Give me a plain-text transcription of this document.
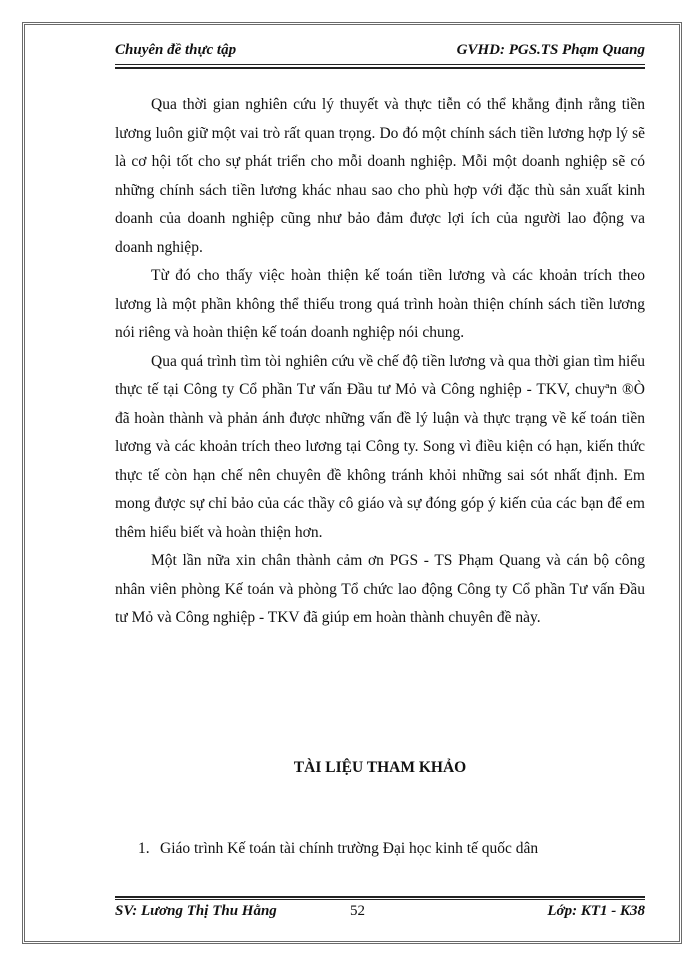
Chuyên đề thực tập	GVHD: PGS.TS Phạm Quang

Qua thời gian nghiên cứu lý thuyết và thực tiễn có thể khẳng định rằng tiền lương luôn giữ một vai trò rất quan trọng. Do đó một chính sách tiền lương hợp lý sẽ là cơ hội tốt cho sự phát triển cho mỗi doanh nghiệp. Mỗi một doanh nghiệp sẽ có những chính sách tiền lương khác nhau sao cho phù hợp với đặc thù sản xuất kinh doanh của doanh nghiệp cũng như bảo đảm được lợi ích của người lao động va doanh nghiệp.

Từ đó cho thấy việc hoàn thiện kế toán tiền lương và các khoản trích theo lương là một phần không thể thiếu trong quá trình hoàn thiện chính sách tiền lương nói riêng và hoàn thiện kế toán doanh nghiệp nói chung.

Qua quá trình tìm tòi nghiên cứu về chế độ tiền lương và qua thời gian tìm hiểu thực tế tại Công ty Cổ phần Tư vấn Đầu tư Mỏ và Công nghiệp - TKV, chuyªn ®Ò đã hoàn thành và phản ánh được những vấn đề lý luận và thực trạng về kế toán tiền lương và các khoản trích theo lương tại Công ty. Song vì điều kiện có hạn, kiến thức thực tế còn hạn chế nên chuyên đề không tránh khỏi những sai sót nhất định. Em mong được sự chỉ bảo của các thầy cô giáo và sự đóng góp ý kiến của các bạn để em thêm hiểu biết và hoàn thiện hơn.

Một lần nữa xin chân thành cảm ơn PGS - TS Phạm Quang và cán bộ công nhân viên phòng Kế toán và phòng Tổ chức lao động Công ty Cổ phần Tư vấn Đầu tư Mỏ và Công nghiệp - TKV đã giúp em hoàn thành chuyên đề này.

TÀI LIỆU THAM KHẢO
1. Giáo trình Kế toán tài chính trường Đại học kinh tế quốc dân
SV: Lương Thị Thu Hằng	52	Lớp: KT1 - K38
